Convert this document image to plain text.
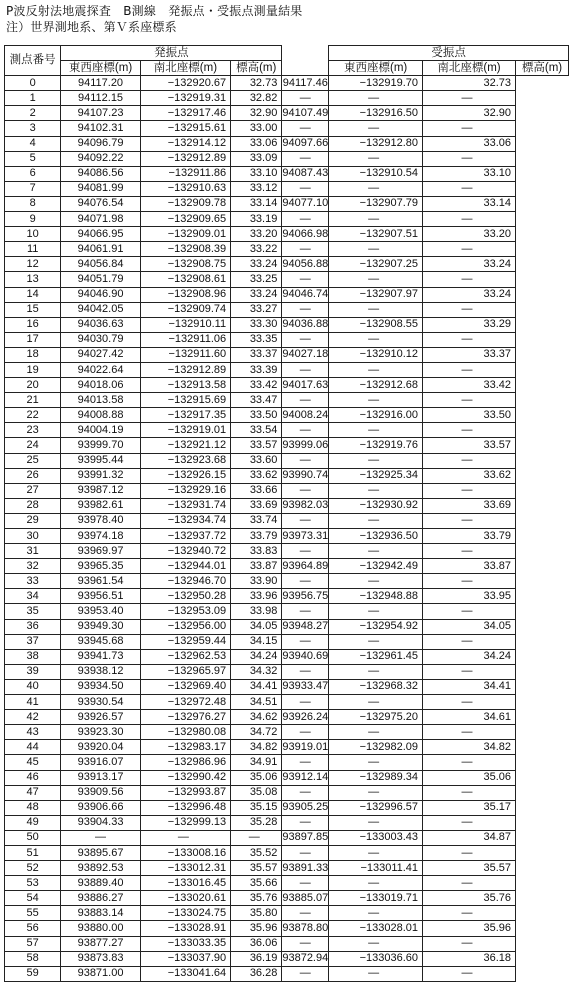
P波反射法地震探査　B測線　発振点・受振点測量結果
注）世界測地系、第Ｖ系座標系
測点番号	発振点				受振点		
	東西座標(m)	南北座標(m)	標高(m)		東西座標(m)	南北座標(m)	標高(m)
0	94117.20	−132920.67	32.73	94117.46	−132919.70	32.73	
1	94112.15	−132919.31	32.82	—	—	—	
2	94107.23	−132917.46	32.90	94107.49	−132916.50	32.90	
3	94102.31	−132915.61	33.00	—	—	—	
4	94096.79	−132914.12	33.06	94097.66	−132912.80	33.06	
5	94092.22	−132912.89	33.09	—	—	—	
6	94086.56	−132911.86	33.10	94087.43	−132910.54	33.10	
7	94081.99	−132910.63	33.12	—	—	—	
8	94076.54	−132909.78	33.14	94077.10	−132907.79	33.14	
9	94071.98	−132909.65	33.19	—	—	—	
10	94066.95	−132909.01	33.20	94066.98	−132907.51	33.20	
11	94061.91	−132908.39	33.22	—	—	—	
12	94056.84	−132908.75	33.24	94056.88	−132907.25	33.24	
13	94051.79	−132908.61	33.25	—	—	—	
14	94046.90	−132908.96	33.24	94046.74	−132907.97	33.24	
15	94042.05	−132909.74	33.27	—	—	—	
16	94036.63	−132910.11	33.30	94036.88	−132908.55	33.29	
17	94030.79	−132911.06	33.35	—	—	—	
18	94027.42	−132911.60	33.37	94027.18	−132910.12	33.37	
19	94022.64	−132912.89	33.39	—	—	—	
20	94018.06	−132913.58	33.42	94017.63	−132912.68	33.42	
21	94013.58	−132915.69	33.47	—	—	—	
22	94008.88	−132917.35	33.50	94008.24	−132916.00	33.50	
23	94004.19	−132919.01	33.54	—	—	—	
24	93999.70	−132921.12	33.57	93999.06	−132919.76	33.57	
25	93995.44	−132923.68	33.60	—	—	—	
26	93991.32	−132926.15	33.62	93990.74	−132925.34	33.62	
27	93987.12	−132929.16	33.66	—	—	—	
28	93982.61	−132931.74	33.69	93982.03	−132930.92	33.69	
29	93978.40	−132934.74	33.74	—	—	—	
30	93974.18	−132937.72	33.79	93973.31	−132936.50	33.79	
31	93969.97	−132940.72	33.83	—	—	—	
32	93965.35	−132944.01	33.87	93964.89	−132942.49	33.87	
33	93961.54	−132946.70	33.90	—	—	—	
34	93956.51	−132950.28	33.96	93956.75	−132948.88	33.95	
35	93953.40	−132953.09	33.98	—	—	—	
36	93949.30	−132956.00	34.05	93948.27	−132954.92	34.05	
37	93945.68	−132959.44	34.15	—	—	—	
38	93941.73	−132962.53	34.24	93940.69	−132961.45	34.24	
39	93938.12	−132965.97	34.32	—	—	—	
40	93934.50	−132969.40	34.41	93933.47	−132968.32	34.41	
41	93930.54	−132972.48	34.51	—	—	—	
42	93926.57	−132976.27	34.62	93926.24	−132975.20	34.61	
43	93923.30	−132980.08	34.72	—	—	—	
44	93920.04	−132983.17	34.82	93919.01	−132982.09	34.82	
45	93916.07	−132986.96	34.91	—	—	—	
46	93913.17	−132990.42	35.06	93912.14	−132989.34	35.06	
47	93909.56	−132993.87	35.08	—	—	—	
48	93906.66	−132996.48	35.15	93905.25	−132996.57	35.17	
49	93904.33	−132999.13	35.28	—	—	—	
50	—	—	—	93897.85	−133003.43	34.87	
51	93895.67	−133008.16	35.52	—	—	—	
52	93892.53	−133012.31	35.57	93891.33	−133011.41	35.57	
53	93889.40	−133016.45	35.66	—	—	—	
54	93886.27	−133020.61	35.76	93885.07	−133019.71	35.76	
55	93883.14	−133024.75	35.80	—	—	—	
56	93880.00	−133028.91	35.96	93878.80	−133028.01	35.96	
57	93877.27	−133033.35	36.06	—	—	—	
58	93873.83	−133037.90	36.19	93872.94	−133036.60	36.18	
59	93871.00	−133041.64	36.28	—	—	—	
